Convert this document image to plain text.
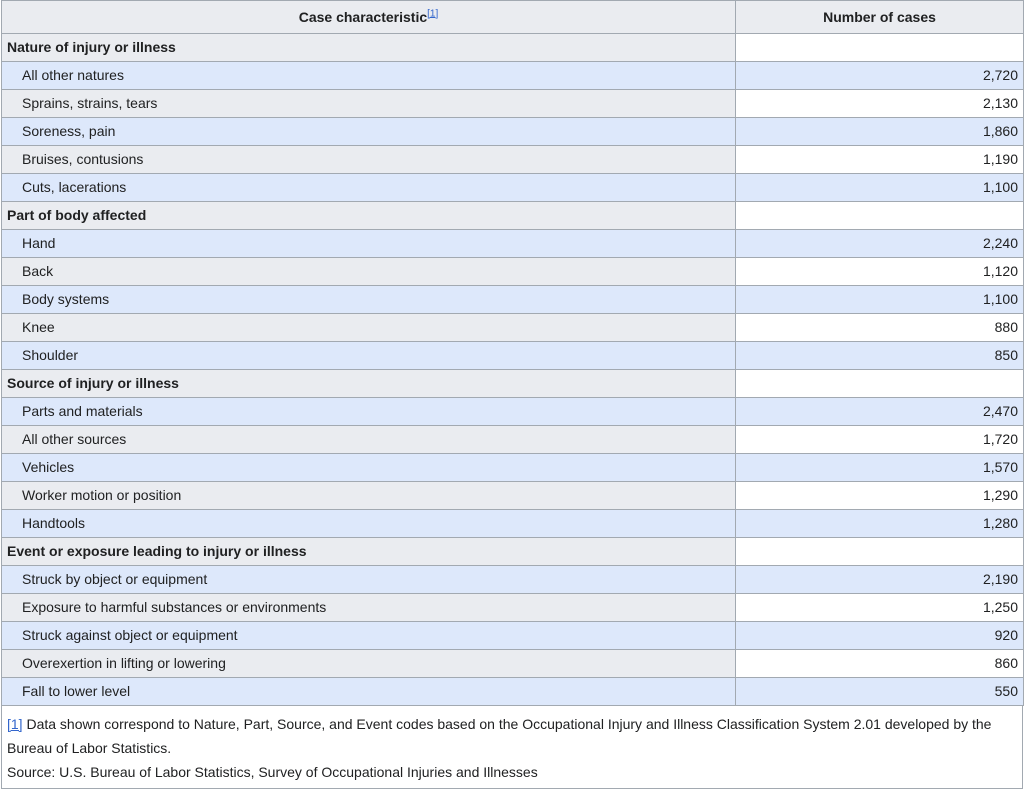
Case characteristic[1]	Number of cases
Nature of injury or illness	
All other natures	2,720
Sprains, strains, tears	2,130
Soreness, pain	1,860
Bruises, contusions	1,190
Cuts, lacerations	1,100
Part of body affected	
Hand	2,240
Back	1,120
Body systems	1,100
Knee	880
Shoulder	850
Source of injury or illness	
Parts and materials	2,470
All other sources	1,720
Vehicles	1,570
Worker motion or position	1,290
Handtools	1,280
Event or exposure leading to injury or illness	
Struck by object or equipment	2,190
Exposure to harmful substances or environments	1,250
Struck against object or equipment	920
Overexertion in lifting or lowering	860
Fall to lower level	550
[1] Data shown correspond to Nature, Part, Source, and Event codes based on the Occupational Injury and Illness Classification System 2.01 developed by the Bureau of Labor Statistics.
Source: U.S. Bureau of Labor Statistics, Survey of Occupational Injuries and Illnesses
